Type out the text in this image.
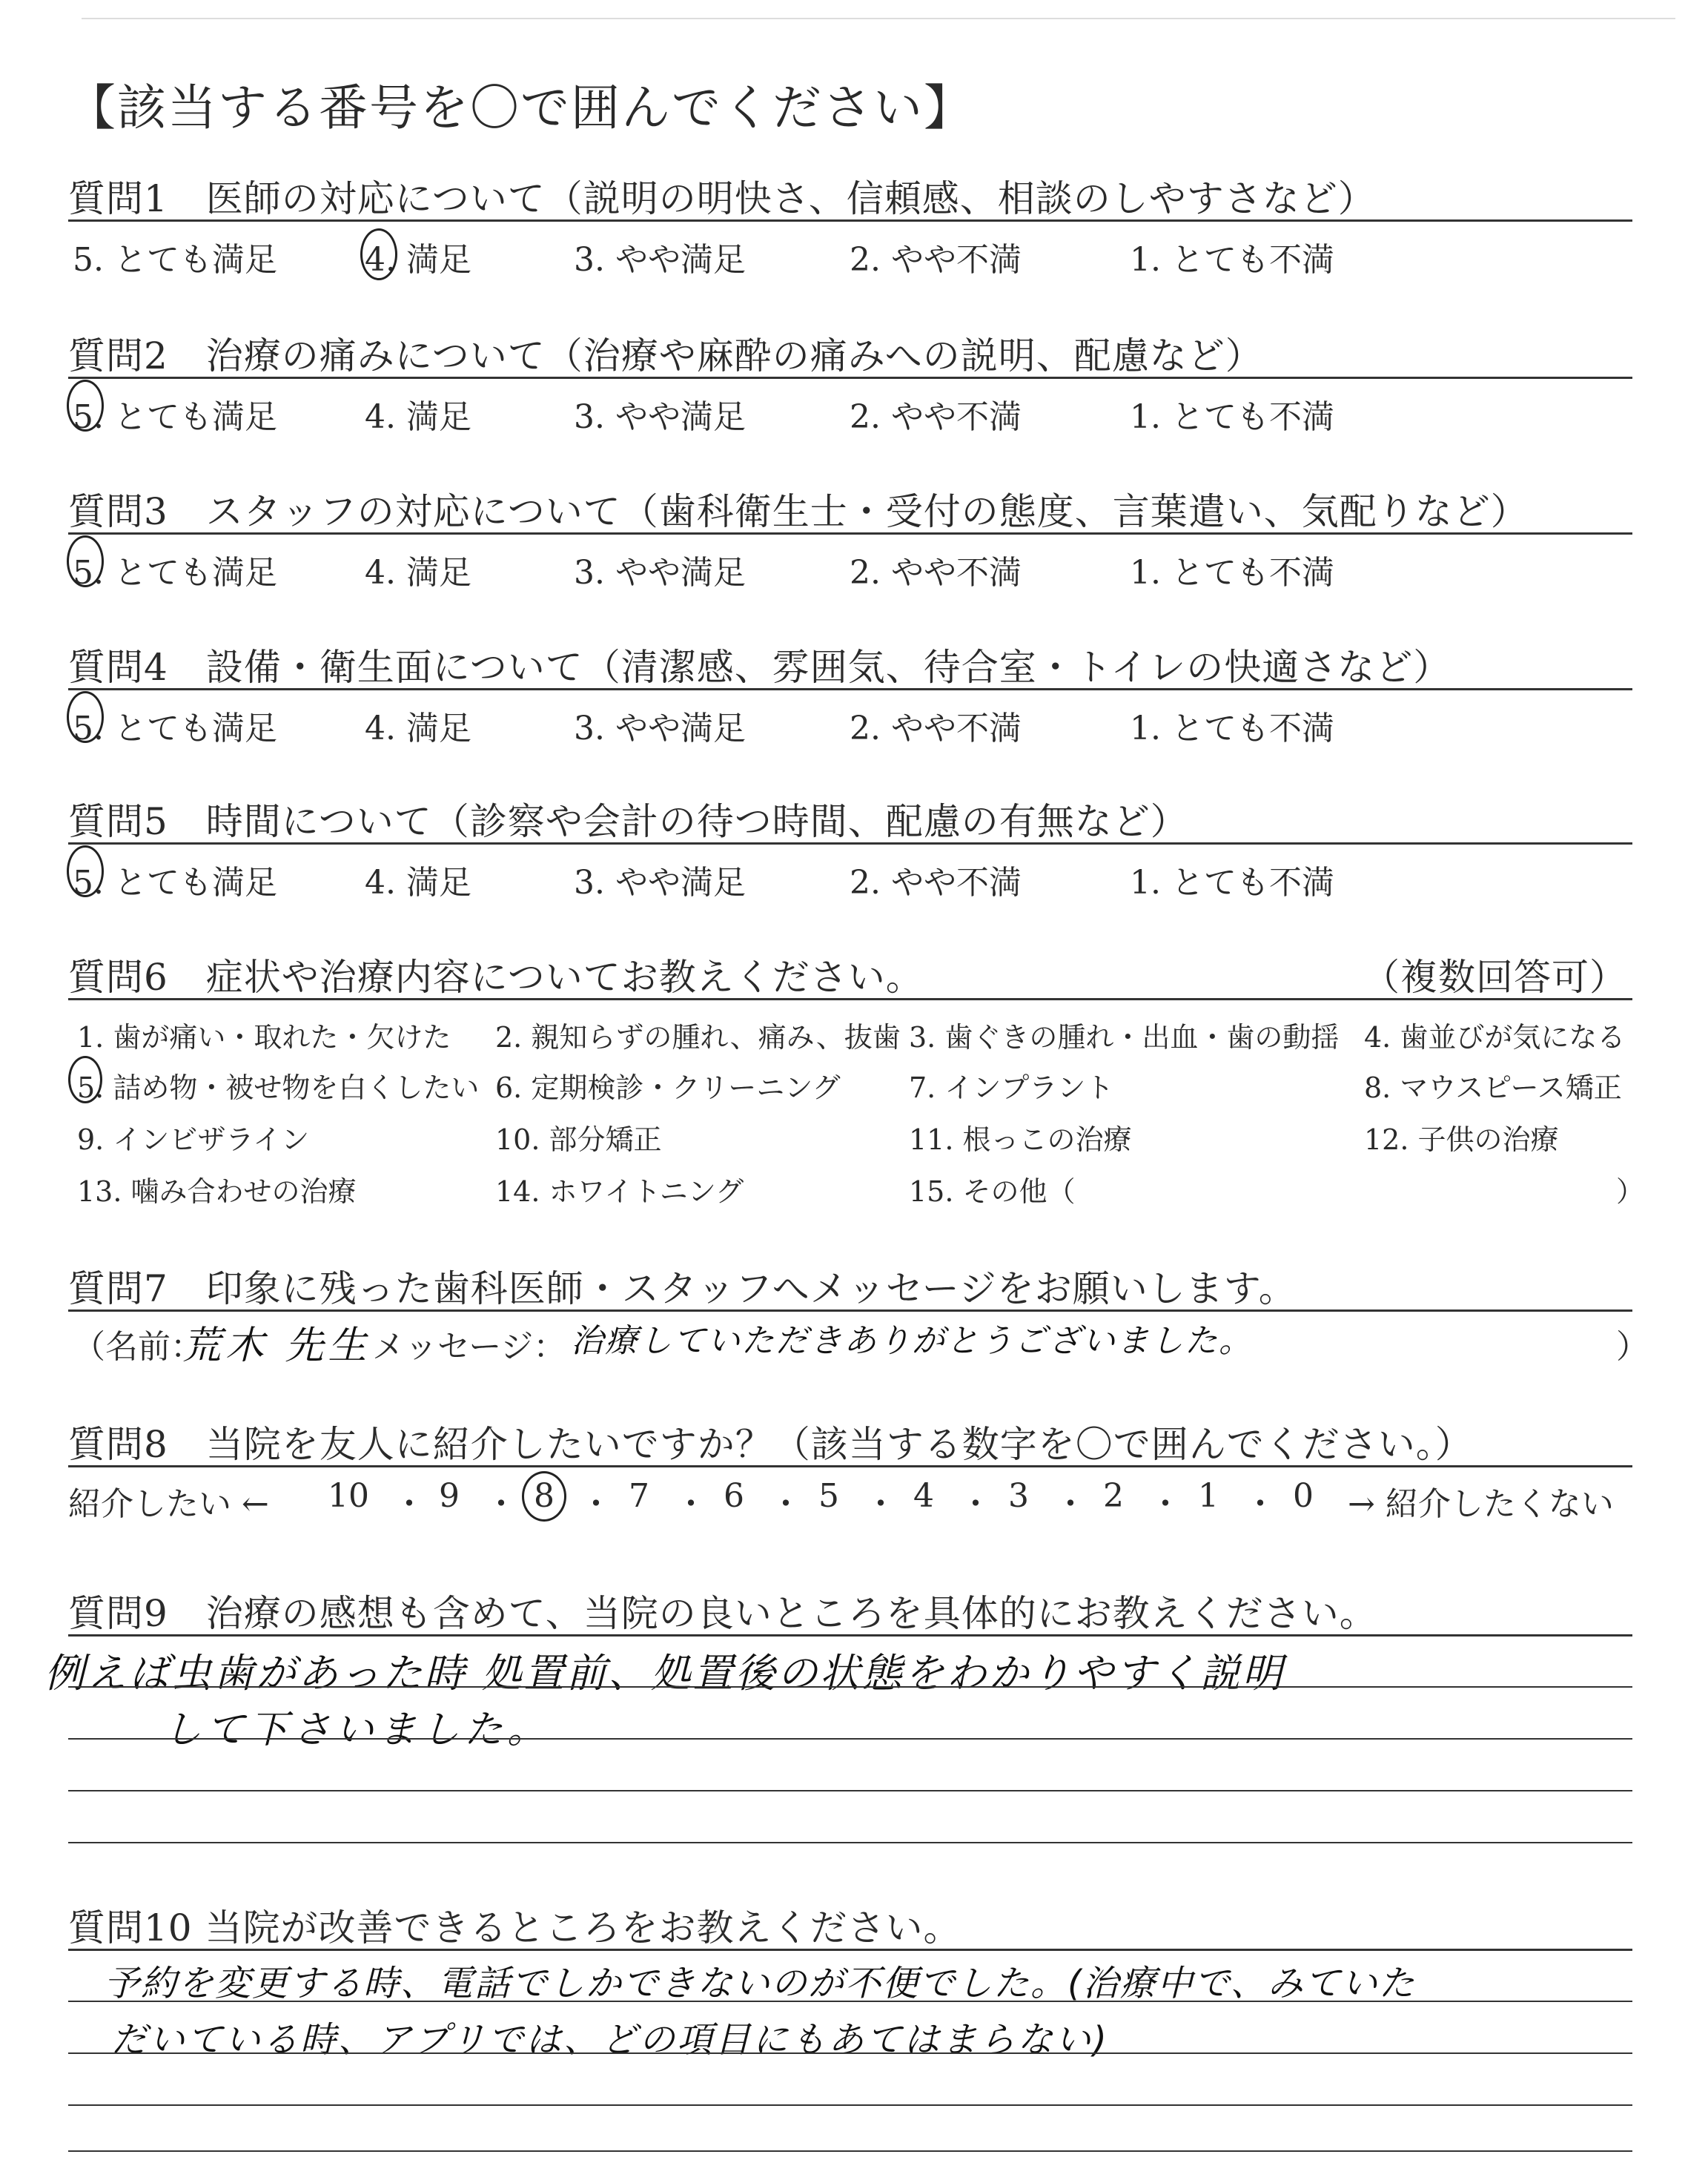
【該当する番号を〇で囲んでください】
質問1　医師の対応について（説明の明快さ、信頼感、相談のしやすさなど）
5. とても満足	4. 満足	3. やや満足	2. やや不満	1. とても不満
質問2　治療の痛みについて（治療や麻酔の痛みへの説明、配慮など）
5. とても満足	4. 満足	3. やや満足	2. やや不満	1. とても不満
質問3　スタッフの対応について（歯科衛生士・受付の態度、言葉遣い、気配りなど）
5. とても満足	4. 満足	3. やや満足	2. やや不満	1. とても不満
質問4　設備・衛生面について（清潔感、雰囲気、待合室・トイレの快適さなど）
5. とても満足	4. 満足	3. やや満足	2. やや不満	1. とても不満
質問5　時間について（診察や会計の待つ時間、配慮の有無など）
5. とても満足	4. 満足	3. やや満足	2. やや不満	1. とても不満
質問6　症状や治療内容についてお教えください。	（複数回答可）
1. 歯が痛い・取れた・欠けた 2. 親知らずの腫れ、痛み、抜歯 3. 歯ぐきの腫れ・出血・歯の動揺 4. 歯並びが気になる
5. 詰め物・被せ物を白くしたい 6. 定期検診・クリーニング 7. インプラント	8. マウスピース矯正
9. インビザライン	10. 部分矯正	11. 根っこの治療	12. 子供の治療
13. 噛み合わせの治療	14. ホワイトニング	15. その他（	）
質問7　印象に残った歯科医師・スタッフへメッセージをお願いします。
（名前：
荒木 先生 メッセージ： 治療していただきありがとうございました。	）
質問8　当院を友人に紹介したいですか？（該当する数字を〇で囲んでください。）
紹介したい ← 10 ・ 9 ・ 8 ・ 7 ・ 6 ・ 5 ・ 4 ・ 3 ・ 2 ・ 1 ・ 0 → 紹介したくない
質問9　治療の感想も含めて、当院の良いところを具体的にお教えください。
例えば虫歯があった時 処置前、処置後の状態をわかりやすく説明
して下さいました。
質問10 当院が改善できるところをお教えください。
予約を変更する時、電話でしかできないのが不便でした。(治療中で、みていた
だいている時、アプリでは、どの項目にもあてはまらない)
